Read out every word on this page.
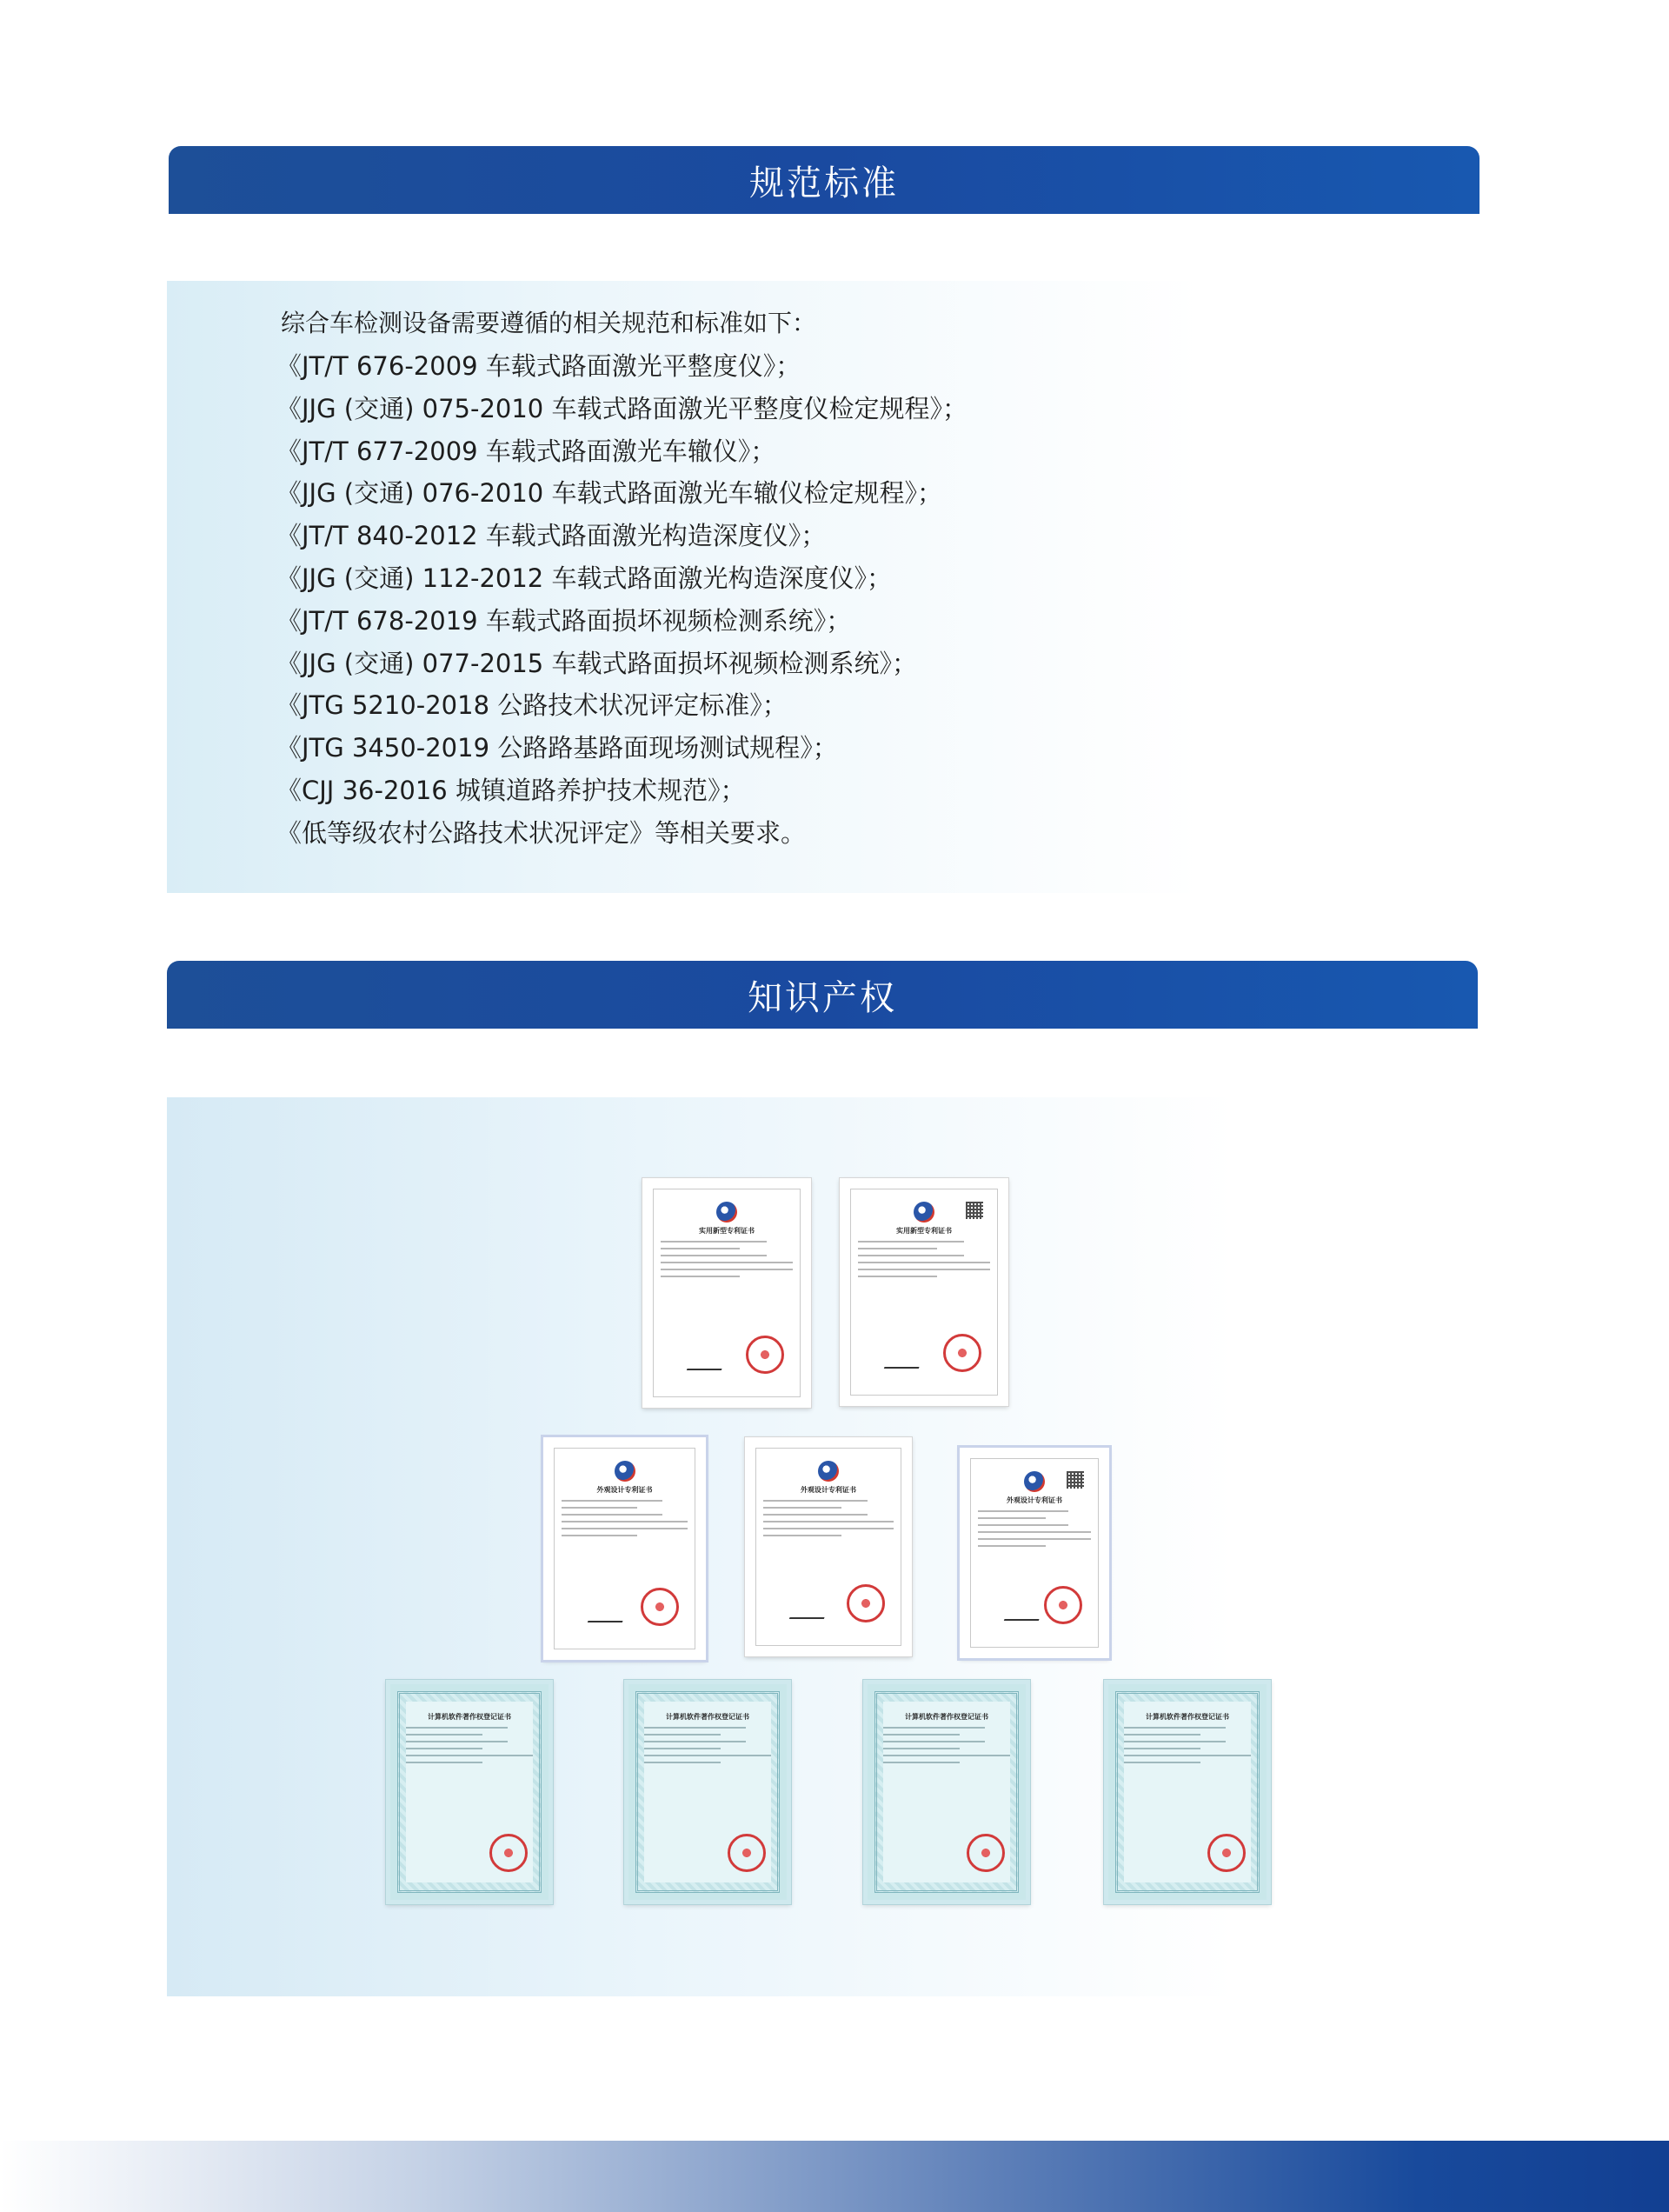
规范标准
综合车检测设备需要遵循的相关规范和标准如下：
《JT/T 676-2009 车载式路面激光平整度仪》；
《JJG (交通) 075-2010 车载式路面激光平整度仪检定规程》；
《JT/T 677-2009 车载式路面激光车辙仪》；
《JJG (交通) 076-2010 车载式路面激光车辙仪检定规程》；
《JT/T 840-2012 车载式路面激光构造深度仪》；
《JJG (交通) 112-2012 车载式路面激光构造深度仪》；
《JT/T 678-2019 车载式路面损坏视频检测系统》；
《JJG (交通) 077-2015 车载式路面损坏视频检测系统》；
《JTG 5210-2018 公路技术状况评定标准》；
《JTG 3450-2019 公路路基路面现场测试规程》；
《CJJ 36-2016 城镇道路养护技术规范》；
《低等级农村公路技术状况评定》等相关要求。
知识产权
实用新型专利证书	实用新型专利证书
外观设计专利证书	外观设计专利证书
外观设计专利证书
计算机软件著作权登记证书	计算机软件著作权登记证书	计算机软件著作权登记证书	计算机软件著作权登记证书
